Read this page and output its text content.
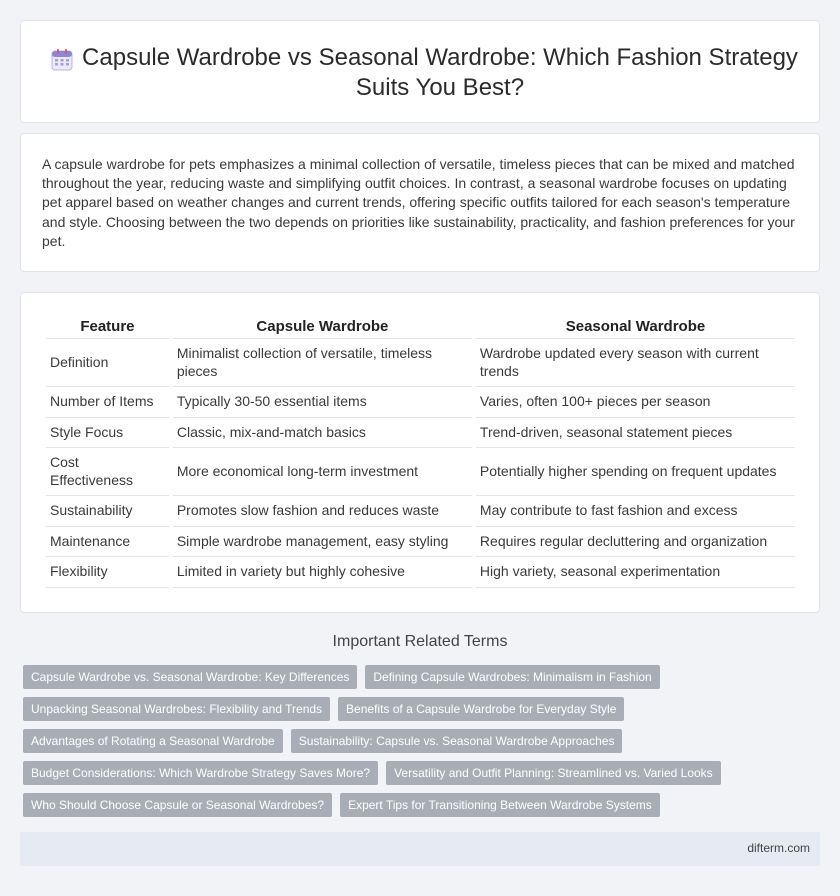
Capsule Wardrobe vs Seasonal Wardrobe: Which Fashion Strategy Suits You Best?

A capsule wardrobe for pets emphasizes a minimal collection of versatile, timeless pieces that can be mixed and matched throughout the year, reducing waste and simplifying outfit choices. In contrast, a seasonal wardrobe focuses on updating pet apparel based on weather changes and current trends, offering specific outfits tailored for each season's temperature and style. Choosing between the two depends on priorities like sustainability, practicality, and fashion preferences for your pet.

Feature	Capsule Wardrobe	Seasonal Wardrobe
Definition	Minimalist collection of versatile, timeless pieces	Wardrobe updated every season with current trends
Number of Items	Typically 30-50 essential items	Varies, often 100+ pieces per season
Style Focus	Classic, mix-and-match basics	Trend-driven, seasonal statement pieces
Cost Effectiveness	More economical long-term investment	Potentially higher spending on frequent updates
Sustainability	Promotes slow fashion and reduces waste	May contribute to fast fashion and excess
Maintenance	Simple wardrobe management, easy styling	Requires regular decluttering and organization
Flexibility	Limited in variety but highly cohesive	High variety, seasonal experimentation
Important Related Terms
Capsule Wardrobe vs. Seasonal Wardrobe: Key Differences	Defining Capsule Wardrobes: Minimalism in Fashion
Unpacking Seasonal Wardrobes: Flexibility and Trends	Benefits of a Capsule Wardrobe for Everyday Style
Advantages of Rotating a Seasonal Wardrobe	Sustainability: Capsule vs. Seasonal Wardrobe Approaches
Budget Considerations: Which Wardrobe Strategy Saves More?	Versatility and Outfit Planning: Streamlined vs. Varied Looks
Who Should Choose Capsule or Seasonal Wardrobes?	Expert Tips for Transitioning Between Wardrobe Systems
difterm.com
